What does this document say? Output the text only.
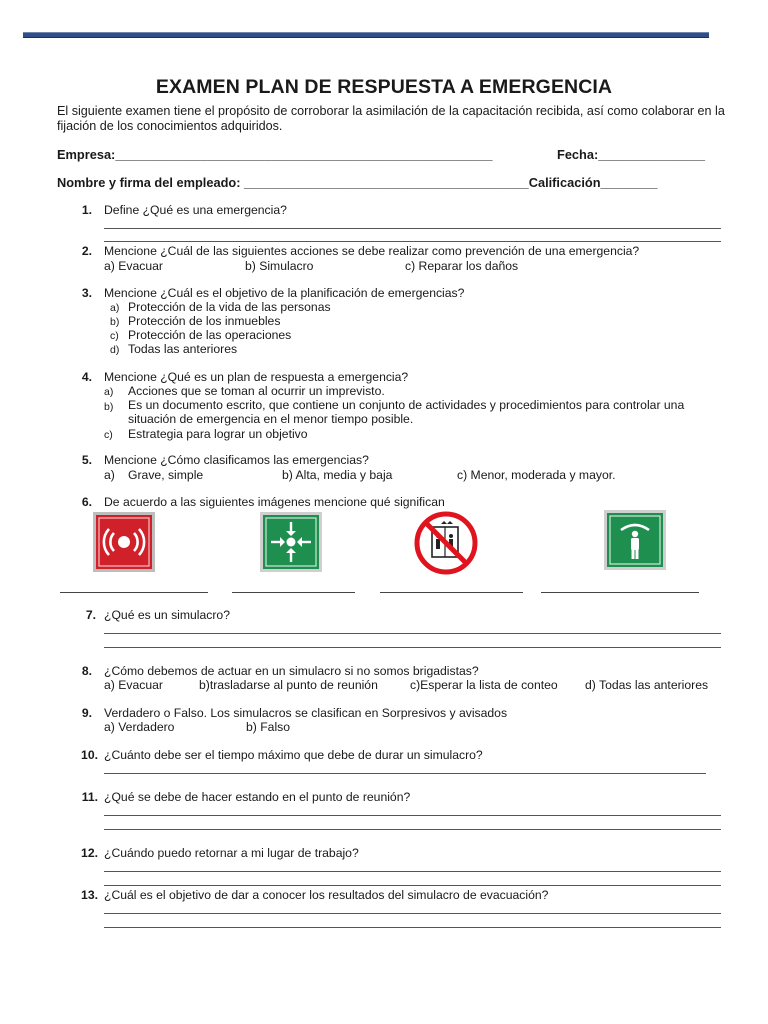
EXAMEN PLAN DE RESPUESTA A EMERGENCIA
El siguiente examen tiene el propósito de corroborar la asimilación de la capacitación recibida, así como colaborar en la fijación de los conocimientos adquiridos.
Empresa:_____________________________________________________	Fecha:_______________
Nombre y firma del empleado: ________________________________________Calificación________
1. Define ¿Qué es una emergencia?
2. Mencione ¿Cuál de las siguientes acciones se debe realizar como prevención de una emergencia?
a) Evacuar	b) Simulacro	c) Reparar los daños
3. Mencione ¿Cuál es el objetivo de la planificación de emergencias?
a) Protección de la vida de las personas
b) Protección de los inmuebles
c) Protección de las operaciones
d) Todas las anteriores
4. Mencione ¿Qué es un plan de respuesta a emergencia?
a) Acciones que se toman al ocurrir un imprevisto.
b) Es un documento escrito, que contiene un conjunto de actividades y procedimientos para controlar una situación de emergencia en el menor tiempo posible.
c) Estrategia para lograr un objetivo
5. Mencione ¿Cómo clasificamos las emergencias?
a) Grave, simple	b) Alta, media y baja	c) Menor, moderada y mayor.
6. De acuerdo a las siguientes imágenes mencione qué significan
7. ¿Qué es un simulacro?
8. ¿Cómo debemos de actuar en un simulacro si no somos brigadistas?
a) Evacuar	b)trasladarse al punto de reunión	c)Esperar la lista de conteo d) Todas las anteriores
9. Verdadero o Falso. Los simulacros se clasifican en Sorpresivos y avisados
a) Verdadero	b) Falso
10. ¿Cuánto debe ser el tiempo máximo que debe de durar un simulacro?
11. ¿Qué se debe de hacer estando en el punto de reunión?
12. ¿Cuándo puedo retornar a mi lugar de trabajo?
13. ¿Cuál es el objetivo de dar a conocer los resultados del simulacro de evacuación?
